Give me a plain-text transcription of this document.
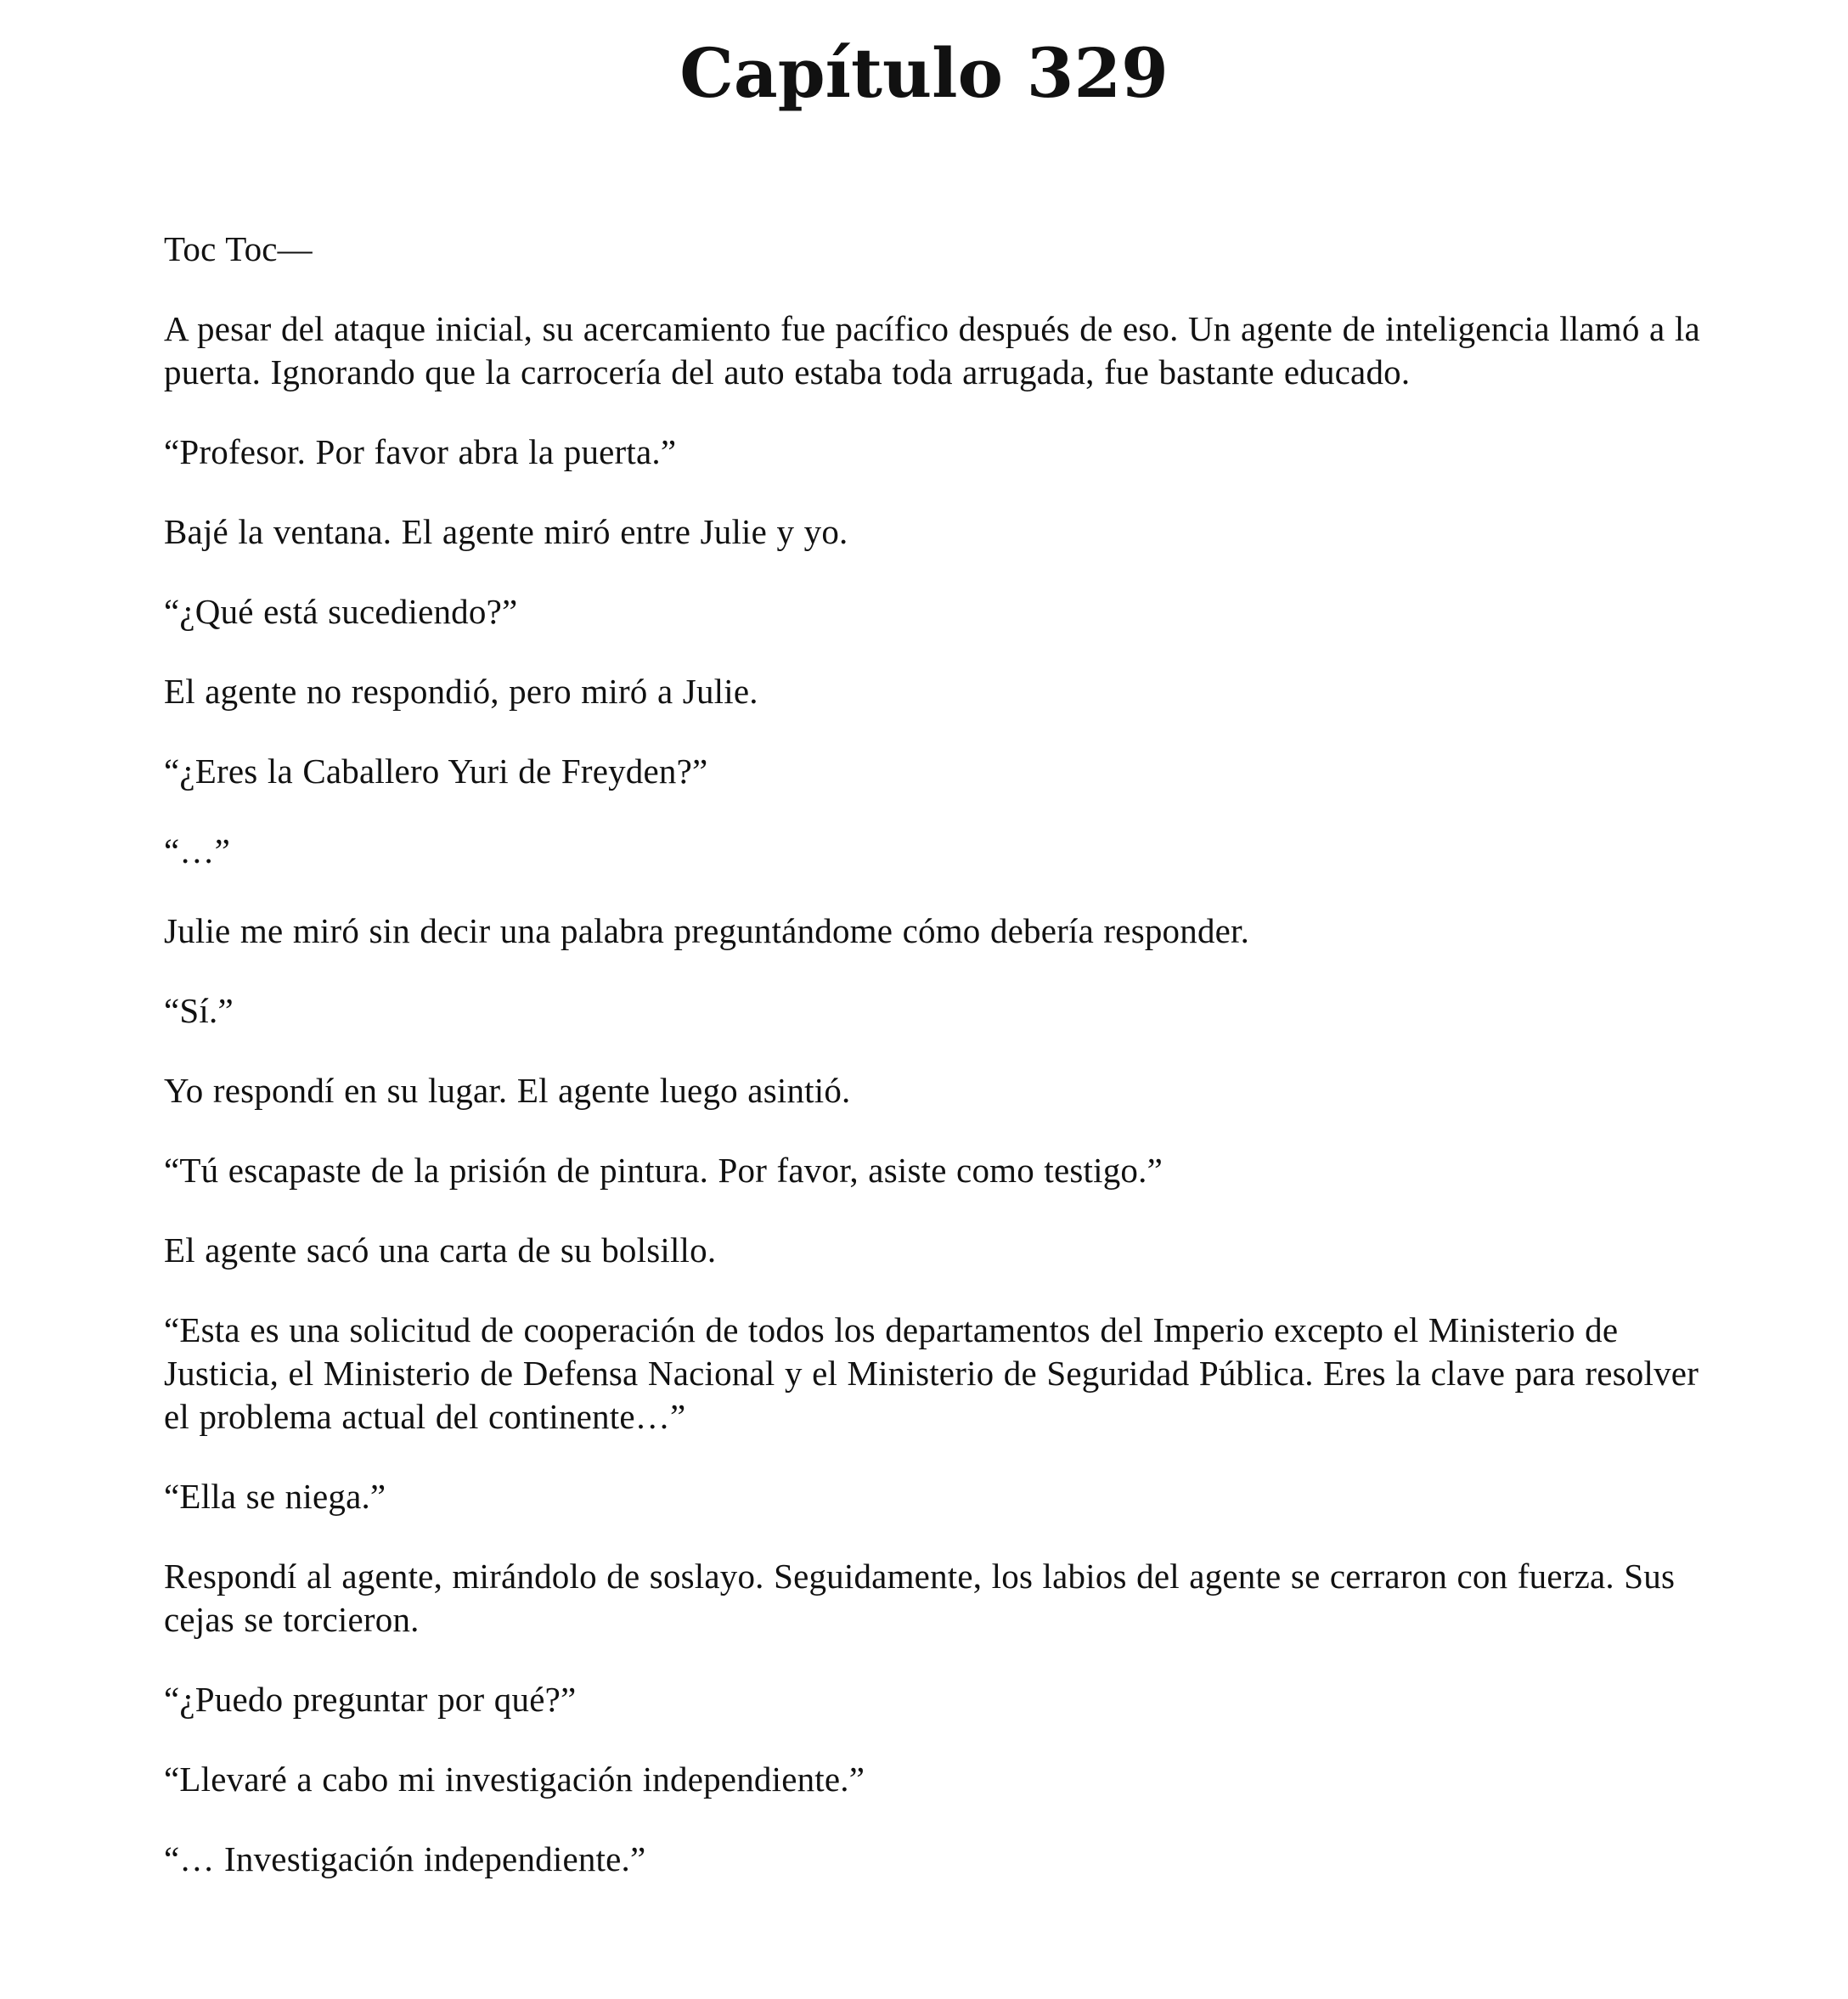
Capítulo 329

Toc Toc—

A pesar del ataque inicial, su acercamiento fue pacífico después de eso. Un agente de inteligencia llamó a la puerta. Ignorando que la carrocería del auto estaba toda arrugada, fue bastante educado.

“Profesor. Por favor abra la puerta.”

Bajé la ventana. El agente miró entre Julie y yo.

“¿Qué está sucediendo?”

El agente no respondió, pero miró a Julie.

“¿Eres la Caballero Yuri de Freyden?”

“…”

Julie me miró sin decir una palabra preguntándome cómo debería responder.

“Sí.”

Yo respondí en su lugar. El agente luego asintió.

“Tú escapaste de la prisión de pintura. Por favor, asiste como testigo.”

El agente sacó una carta de su bolsillo.

“Esta es una solicitud de cooperación de todos los departamentos del Imperio excepto el Ministerio de Justicia, el Ministerio de Defensa Nacional y el Ministerio de Seguridad Pública. Eres la clave para resolver el problema actual del continente…”

“Ella se niega.”

Respondí al agente, mirándolo de soslayo. Seguidamente, los labios del agente se cerraron con fuerza. Sus cejas se torcieron.

“¿Puedo preguntar por qué?”

“Llevaré a cabo mi investigación independiente.”

“… Investigación independiente.”
